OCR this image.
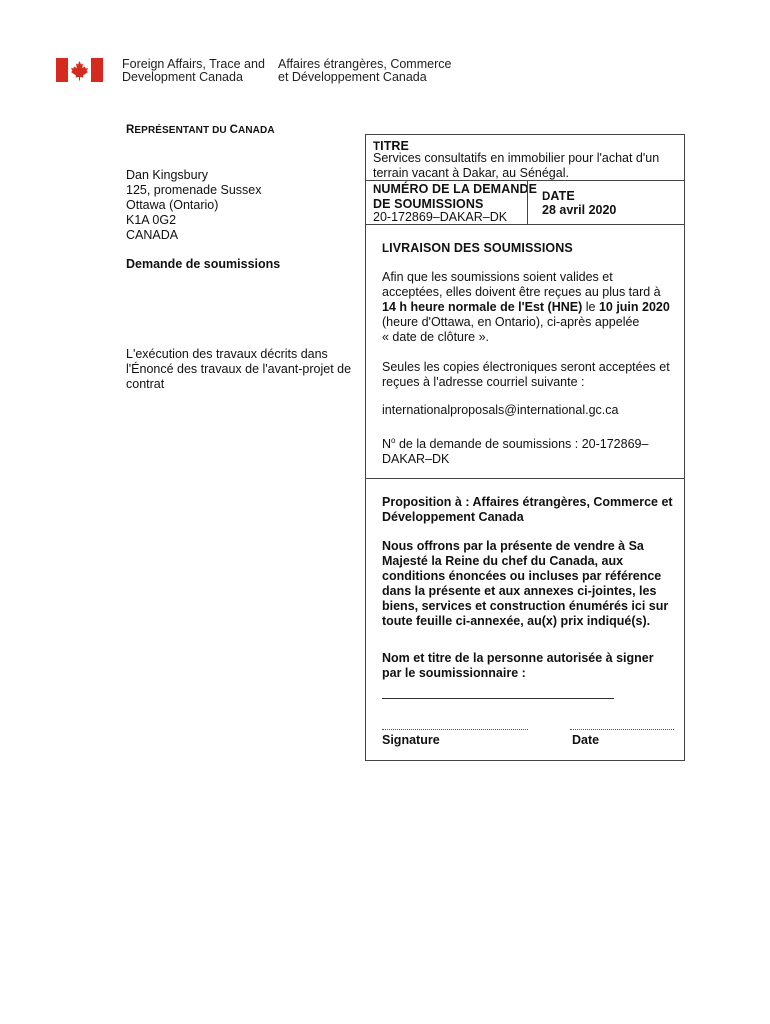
Foreign Affairs, Trace and
Development Canada
Affaires étrangères, Commerce
et Développement Canada
REPRÉSENTANT DU CANADA
Dan Kingsbury
125, promenade Sussex
Ottawa (Ontario)
K1A 0G2
CANADA
Demande de soumissions
L'exécution des travaux décrits dans l'Énoncé des travaux de l'avant-projet de contrat
TITRE
Services consultatifs en immobilier pour l'achat d'un
terrain vacant à Dakar, au Sénégal.
NUMÉRO DE LA DEMANDE
DE SOUMISSIONS
20-172869–DAKAR–DK
DATE
28 avril 2020
LIVRAISON DES SOUMISSIONS
Afin que les soumissions soient valides et
acceptées, elles doivent être reçues au plus tard à
14 h heure normale de l'Est (HNE) le 10 juin 2020
(heure d'Ottawa, en Ontario), ci-après appelée
« date de clôture ».
Seules les copies électroniques seront acceptées et
reçues à l'adresse courriel suivante :
internationalproposals@international.gc.ca
$N^o$ de la demande de soumissions : 20-172869–
DAKAR–DK
Proposition à : Affaires étrangères, Commerce et
Développement Canada
Nous offrons par la présente de vendre à Sa
Majesté la Reine du chef du Canada, aux
conditions énoncées ou incluses par référence
dans la présente et aux annexes ci-jointes, les
biens, services et construction énumérés ici sur
toute feuille ci-annexée, au(x) prix indiqué(s).
Nom et titre de la personne autorisée à signer
par le soumissionnaire :
Signature	Date
